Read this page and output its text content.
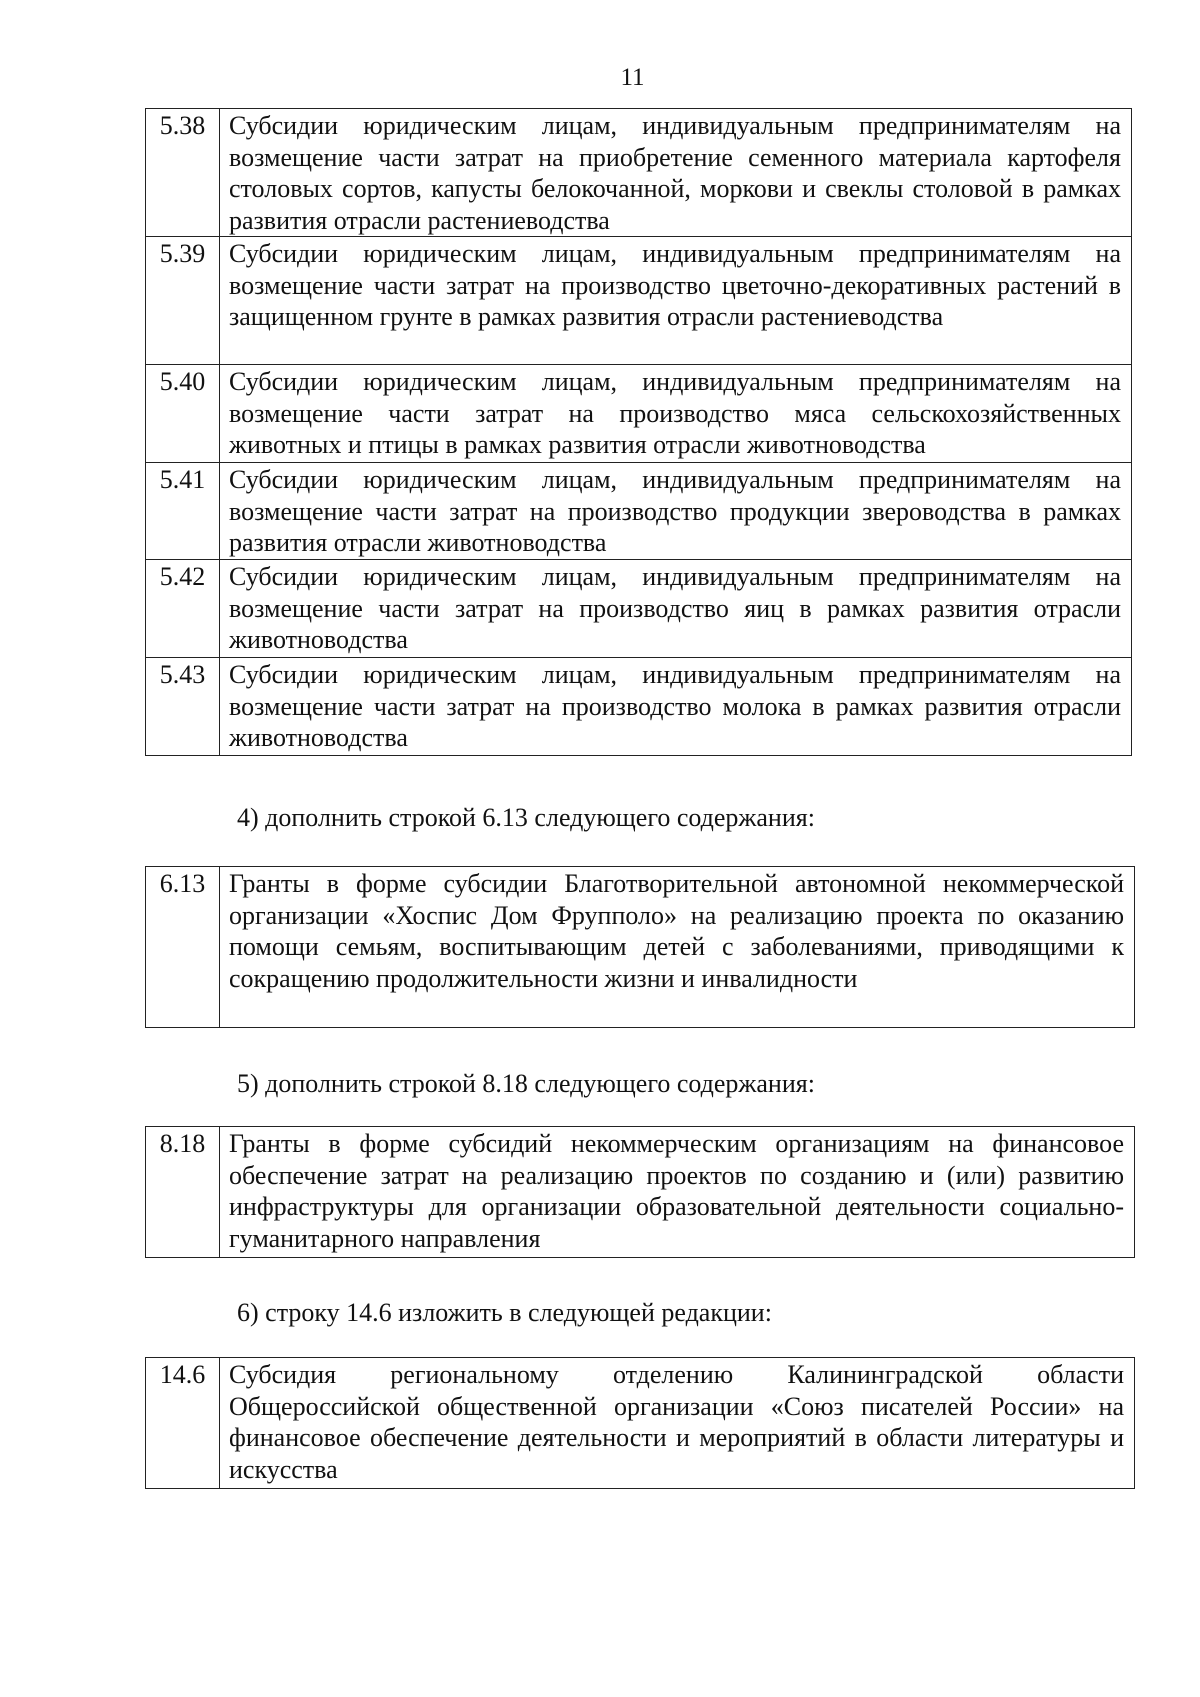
11
5.38	Субсидии юридическим лицам, индивидуальным предпринимателям на возмещение части затрат на приобретение семенного материала картофеля столовых сортов, капусты белокочанной, моркови и свеклы столовой в рамках развития отрасли растениеводства
5.39	Субсидии юридическим лицам, индивидуальным предпринимателям на возмещение части затрат на производство цветочно-декоративных растений в защищенном грунте в рамках развития отрасли растениеводства
5.40	Субсидии юридическим лицам, индивидуальным предпринимателям на возмещение части затрат на производство мяса сельскохозяйственных животных и птицы в рамках развития отрасли животноводства
5.41	Субсидии юридическим лицам, индивидуальным предпринимателям на возмещение части затрат на производство продукции звероводства в рамках развития отрасли животноводства
5.42	Субсидии юридическим лицам, индивидуальным предпринимателям на возмещение части затрат на производство яиц в рамках развития отрасли животноводства
5.43	Субсидии юридическим лицам, индивидуальным предпринимателям на возмещение части затрат на производство молока в рамках развития отрасли животноводства
4) дополнить строкой 6.13 следующего содержания:
6.13	Гранты в форме субсидии Благотворительной автономной некоммерческой организации «Хоспис Дом Фрупполо» на реализацию проекта по оказанию помощи семьям, воспитывающим детей с заболеваниями, приводящими к сокращению продолжительности жизни и инвалидности
5) дополнить строкой 8.18 следующего содержания:
8.18	Гранты в форме субсидий некоммерческим организациям на финансовое обеспечение затрат на реализацию проектов по созданию и (или) развитию инфраструктуры для организации образовательной деятельности социально-гуманитарного направления
6) строку 14.6 изложить в следующей редакции:
14.6	Субсидия региональному отделению Калининградской области Общероссийской общественной организации «Союз писателей России» на финансовое обеспечение деятельности и мероприятий в области литературы и искусства
